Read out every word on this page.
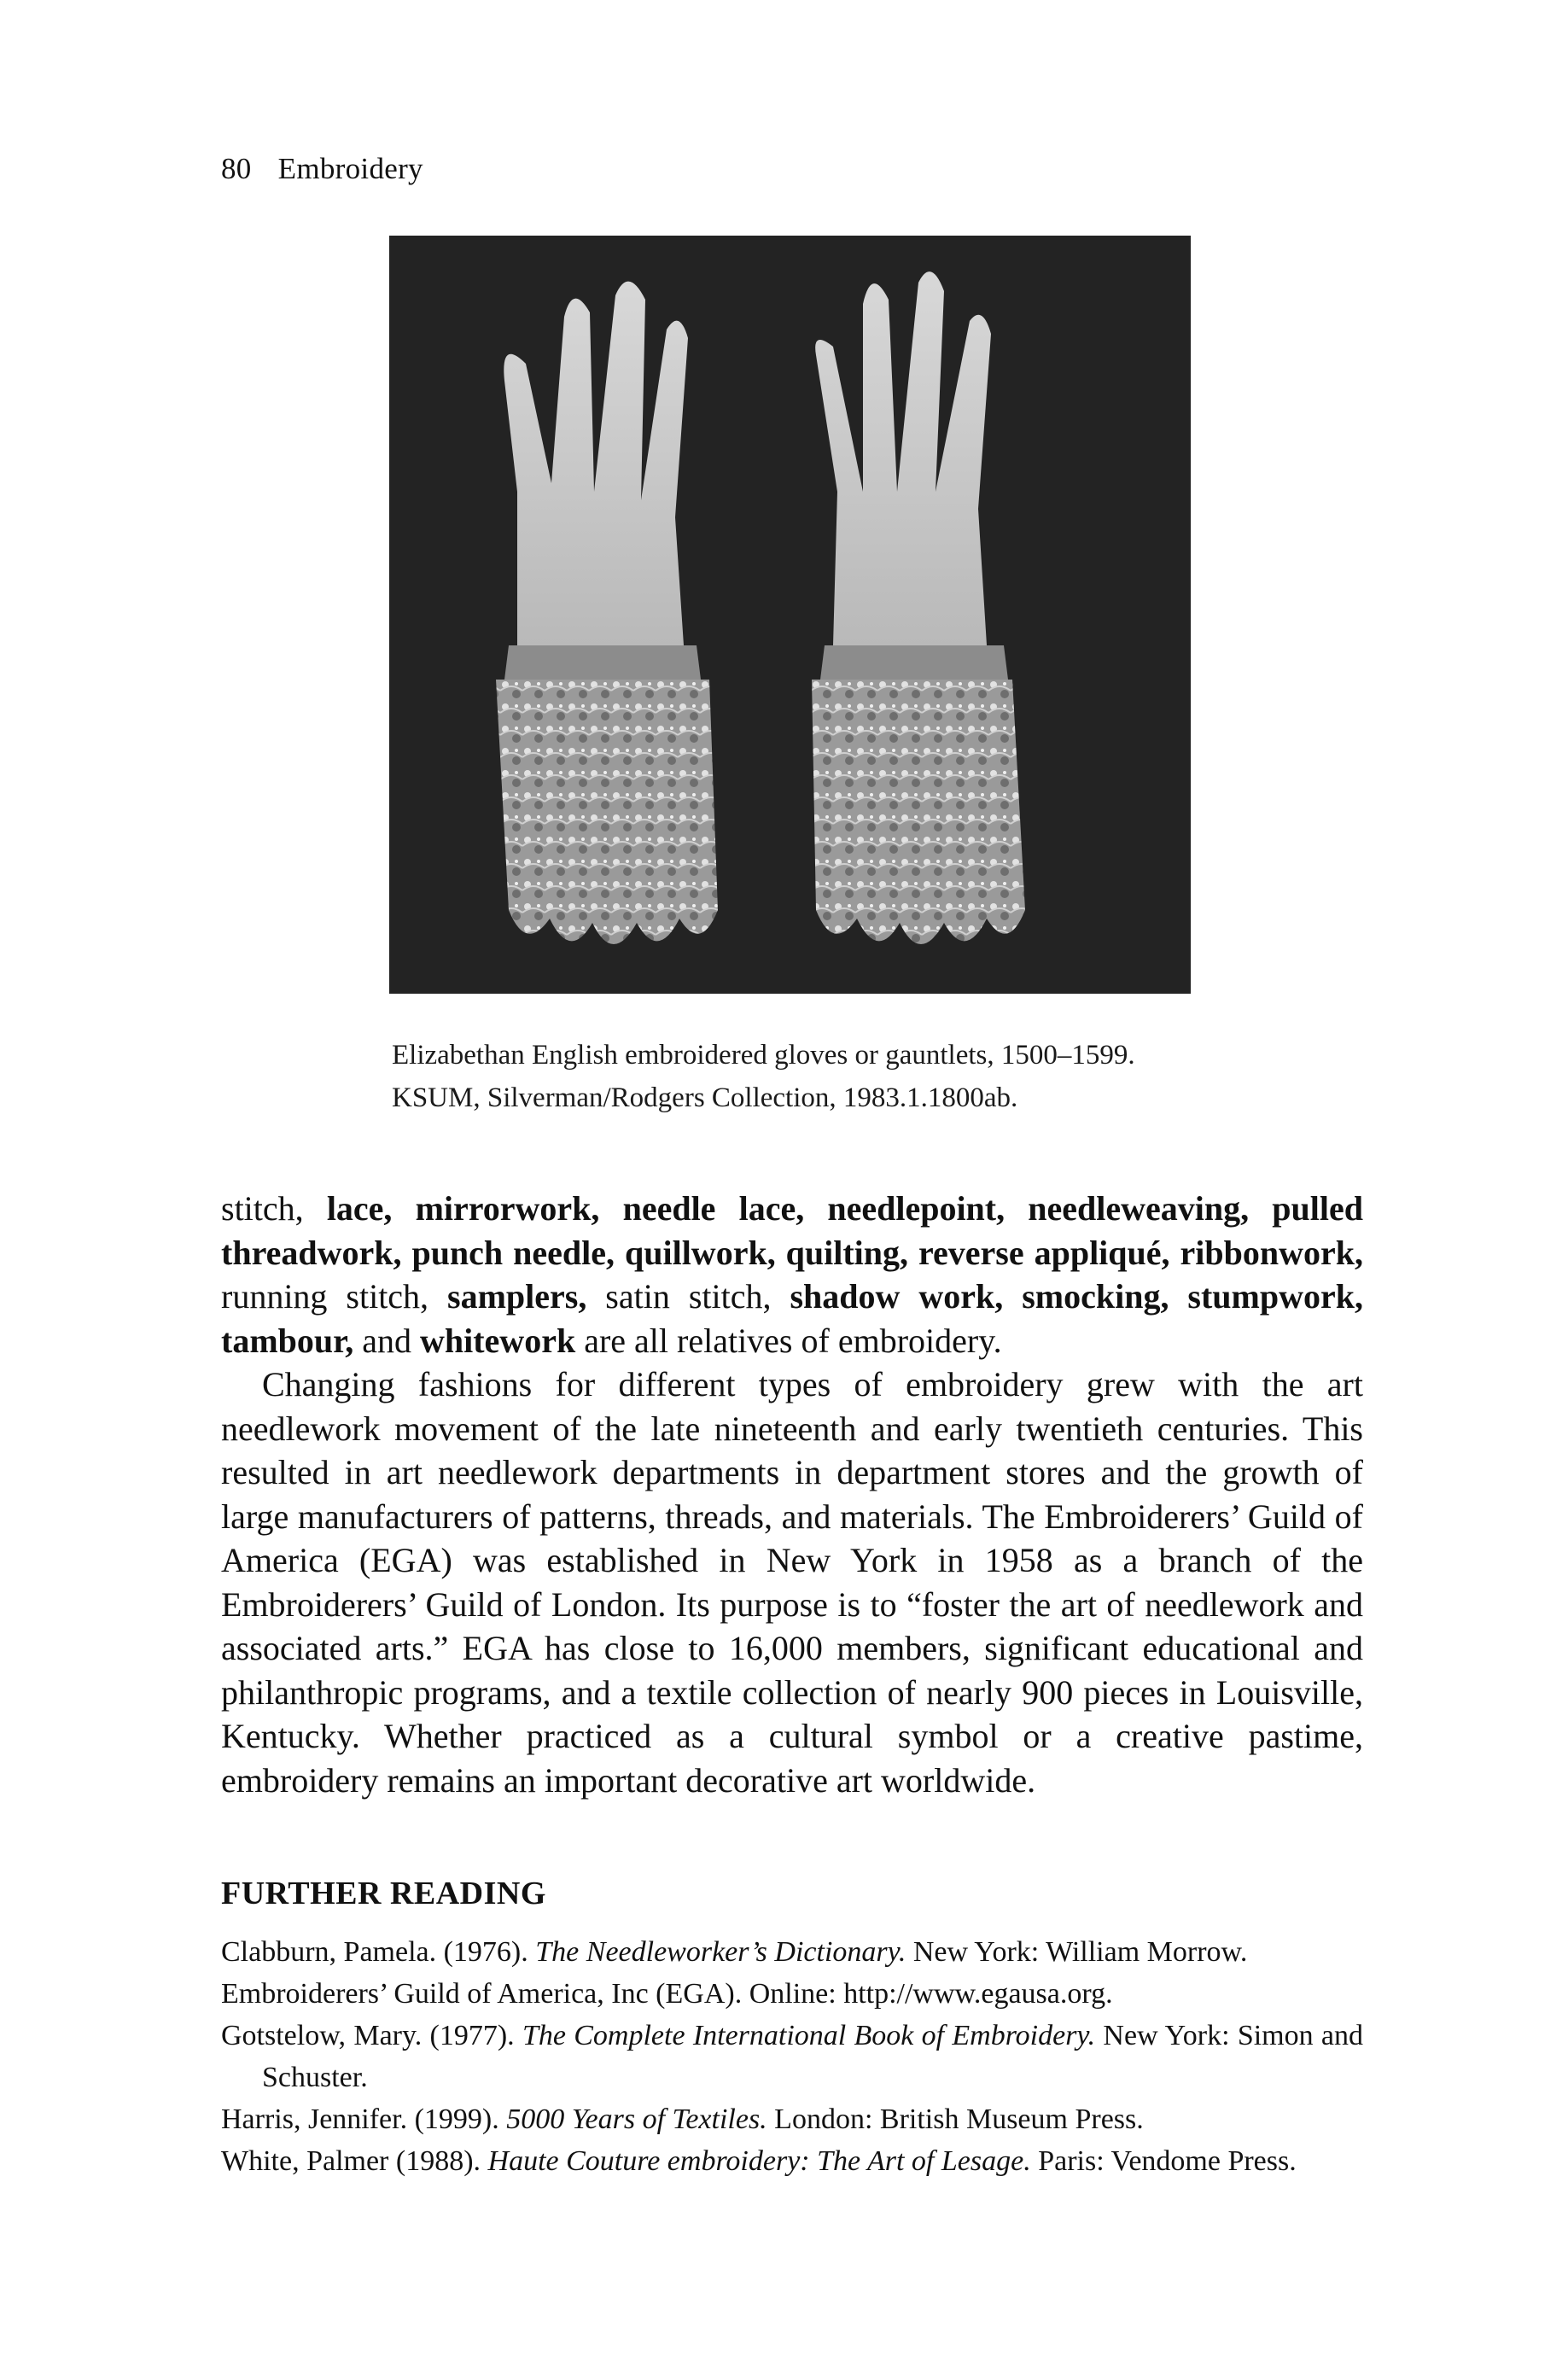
80 Embroidery
Elizabethan English embroidered gloves or gauntlets, 1500–1599.
KSUM, Silverman/Rodgers Collection, 1983.1.1800ab.

stitch, lace, mirrorwork, needle lace, needlepoint, needleweaving, pulled threadwork, punch needle, quillwork, quilting, reverse appliqué, ribbonwork, running stitch, samplers, satin stitch, shadow work, smocking, stumpwork, tambour, and whitework are all relatives of embroidery.

Changing fashions for different types of embroidery grew with the art needlework movement of the late nineteenth and early twentieth centuries. This resulted in art needlework departments in department stores and the growth of large manufacturers of patterns, threads, and materials. The Embroiderers’ Guild of America (EGA) was established in New York in 1958 as a branch of the Embroiderers’ Guild of London. Its purpose is to “foster the art of needlework and associated arts.” EGA has close to 16,000 members, significant educational and philanthropic programs, and a textile collection of nearly 900 pieces in Louisville, Kentucky. Whether practiced as a cultural symbol or a creative pastime, embroidery remains an important decorative art worldwide.

FURTHER READING
Clabburn, Pamela. (1976). The Needleworker’s Dictionary. New York: William Morrow.
Embroiderers’ Guild of America, Inc (EGA). Online: http://www.egausa.org.
Gotstelow, Mary. (1977). The Complete International Book of Embroidery. New York: Simon and Schuster.
Harris, Jennifer. (1999). 5000 Years of Textiles. London: British Museum Press.
White, Palmer (1988). Haute Couture embroidery: The Art of Lesage. Paris: Vendome Press.
